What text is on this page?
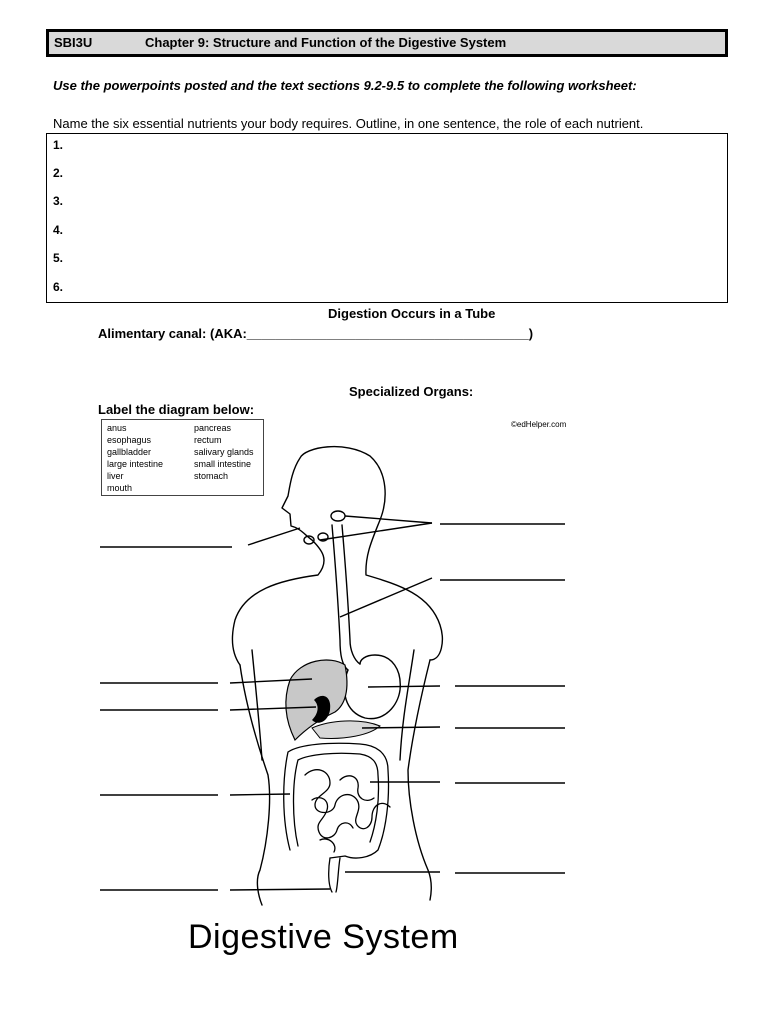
SBI3U	Chapter 9: Structure and Function of the Digestive System
Use the powerpoints posted and the text sections 9.2-9.5 to complete the following worksheet:
Name the six essential nutrients your body requires. Outline, in one sentence, the role of each nutrient.
1.
2.
3.
4.
5.
6.
Digestion Occurs in a Tube
Alimentary canal: (AKA:_______________________________________)
Specialized Organs:
Label the diagram below:
anus
esophagus
gallbladder
large intestine
liver
mouth
pancreas
rectum
salivary glands
small intestine
stomach
©edHelper.com
Digestive System
